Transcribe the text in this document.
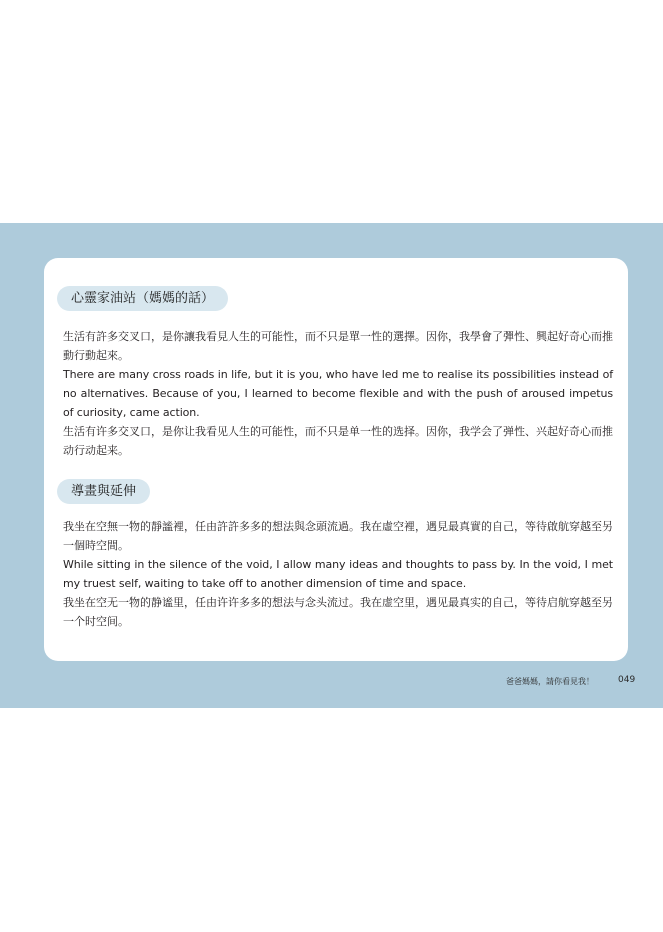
心靈家油站（媽媽的話）

生活有許多交叉口，是你讓我看見人生的可能性，而不只是單一性的選擇。因你，我學會了彈性、興起好奇心而推動行動起來。

There are many cross roads in life, but it is you, who have led me to realise its possibilities instead of no alternatives. Because of you, I learned to become flexible and with the push of aroused impetus of curiosity, came action.

生活有许多交叉口，是你让我看见人生的可能性，而不只是单一性的选择。因你，我学会了弹性、兴起好奇心而推动行动起来。

導畫與延伸

我坐在空無一物的靜謐裡，任由許許多多的想法與念頭流過。我在虛空裡，遇見最真實的自己，等待啟航穿越至另一個時空間。

While sitting in the silence of the void, I allow many ideas and thoughts to pass by. In the void, I met my truest self, waiting to take off to another dimension of time and space.

我坐在空无一物的静谧里，任由许许多多的想法与念头流过。我在虚空里，遇见最真实的自己，等待启航穿越至另一个时空间。

爸爸媽媽，請你看見我！	049
